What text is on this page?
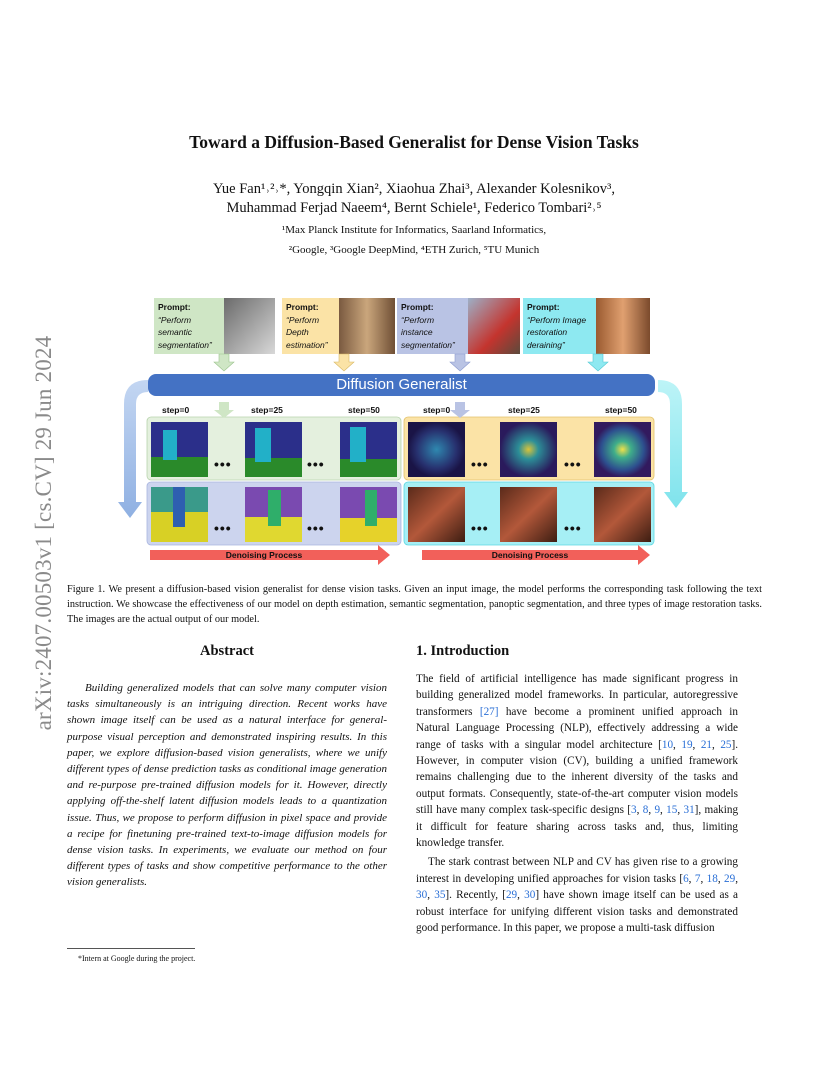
arXiv:2407.00503v1 [cs.CV] 29 Jun 2024
Toward a Diffusion-Based Generalist for Dense Vision Tasks
Yue Fan¹˒²˒*, Yongqin Xian², Xiaohua Zhai³, Alexander Kolesnikov³,
Muhammad Ferjad Naeem⁴, Bernt Schiele¹, Federico Tombari²˒⁵
¹Max Planck Institute for Informatics, Saarland Informatics,
²Google, ³Google DeepMind, ⁴ETH Zurich, ⁵TU Munich
Prompt:
“Perform semantic segmentation”
Prompt:
“Perform Depth estimation”
Prompt:
“Perform instance segmentation”
Prompt:
“Perform Image restoration deraining”
Diffusion Generalist
step=0	step=25	step=50	step=0	step=25	step=50
•••	•••	•••	•••
•••	•••	•••	•••
Denoising Process	Denoising Process
Figure 1. We present a diffusion-based vision generalist for dense vision tasks. Given an input image, the model performs the corresponding task following the text instruction. We showcase the effectiveness of our model on depth estimation, semantic segmentation, panoptic segmentation, and three types of image restoration tasks. The images are the actual output of our model.
Abstract
Building generalized models that can solve many computer vision tasks simultaneously is an intriguing direction. Recent works have shown image itself can be used as a natural interface for general-purpose visual perception and demonstrated inspiring results. In this paper, we explore diffusion-based vision generalists, where we unify different types of dense prediction tasks as conditional image generation and re-purpose pre-trained diffusion models for it. However, directly applying off-the-shelf latent diffusion models leads to a quantization issue. Thus, we propose to perform diffusion in pixel space and provide a recipe for finetuning pre-trained text-to-image diffusion models for dense vision tasks. In experiments, we evaluate our method on four different types of tasks and show competitive performance to the other vision generalists.
1. Introduction

The field of artificial intelligence has made significant progress in building generalized model frameworks. In particular, autoregressive transformers [27] have become a prominent unified approach in Natural Language Processing (NLP), effectively addressing a wide range of tasks with a singular model architecture [10, 19, 21, 25]. However, in computer vision (CV), building a unified framework remains challenging due to the inherent diversity of the tasks and output formats. Consequently, state-of-the-art computer vision models still have many complex task-specific designs [3, 8, 9, 15, 31], making it difficult for feature sharing across tasks and, thus, limiting knowledge transfer.

The stark contrast between NLP and CV has given rise to a growing interest in developing unified approaches for vision tasks [6, 7, 18, 29, 30, 35]. Recently, [29, 30] have shown image itself can be used as a robust interface for unifying different vision tasks and demonstrated good performance. In this paper, we propose a multi-task diffusion

*Intern at Google during the project.
